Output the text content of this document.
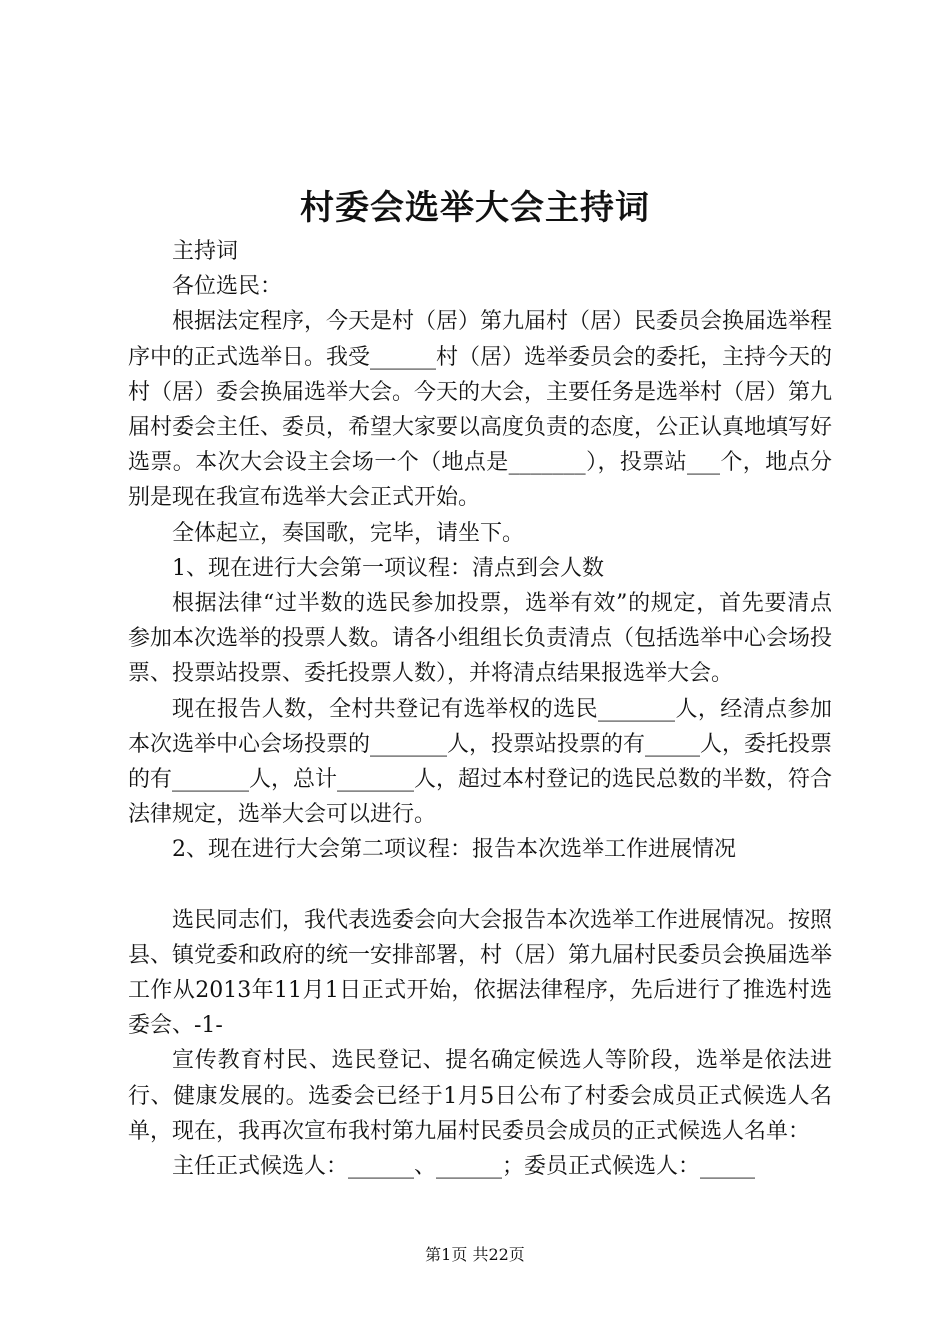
村委会选举大会主持词

主持词

各位选民：

根据法定程序，今天是村（居）第九届村（居）民委员会换届选举程序中的正式选举日。我受______村（居）选举委员会的委托，主持今天的村（居）委会换届选举大会。今天的大会，主要任务是选举村（居）第九届村委会主任、委员，希望大家要以高度负责的态度，公正认真地填写好选票。本次大会设主会场一个（地点是_______），投票站___个，地点分别是现在我宣布选举大会正式开始。

全体起立，奏国歌，完毕，请坐下。

1、现在进行大会第一项议程：清点到会人数

根据法律“过半数的选民参加投票，选举有效”的规定，首先要清点参加本次选举的投票人数。请各小组组长负责清点（包括选举中心会场投票、投票站投票、委托投票人数），并将清点结果报选举大会。

现在报告人数，全村共登记有选举权的选民_______人，经清点参加本次选举中心会场投票的_______人，投票站投票的有_____人，委托投票的有_______人，总计_______人，超过本村登记的选民总数的半数，符合法律规定，选举大会可以进行。

2、现在进行大会第二项议程：报告本次选举工作进展情况

选民同志们，我代表选委会向大会报告本次选举工作进展情况。按照县、镇党委和政府的统一安排部署，村（居）第九届村民委员会换届选举工作从2013年11月1日正式开始，依据法律程序，先后进行了推选村选委会、-1-

宣传教育村民、选民登记、提名确定候选人等阶段，选举是依法进行、健康发展的。选委会已经于1月5日公布了村委会成员正式候选人名单，现在，我再次宣布我村第九届村民委员会成员的正式候选人名单：

主任正式候选人：______、______；委员正式候选人：_____

第1页 共22页
